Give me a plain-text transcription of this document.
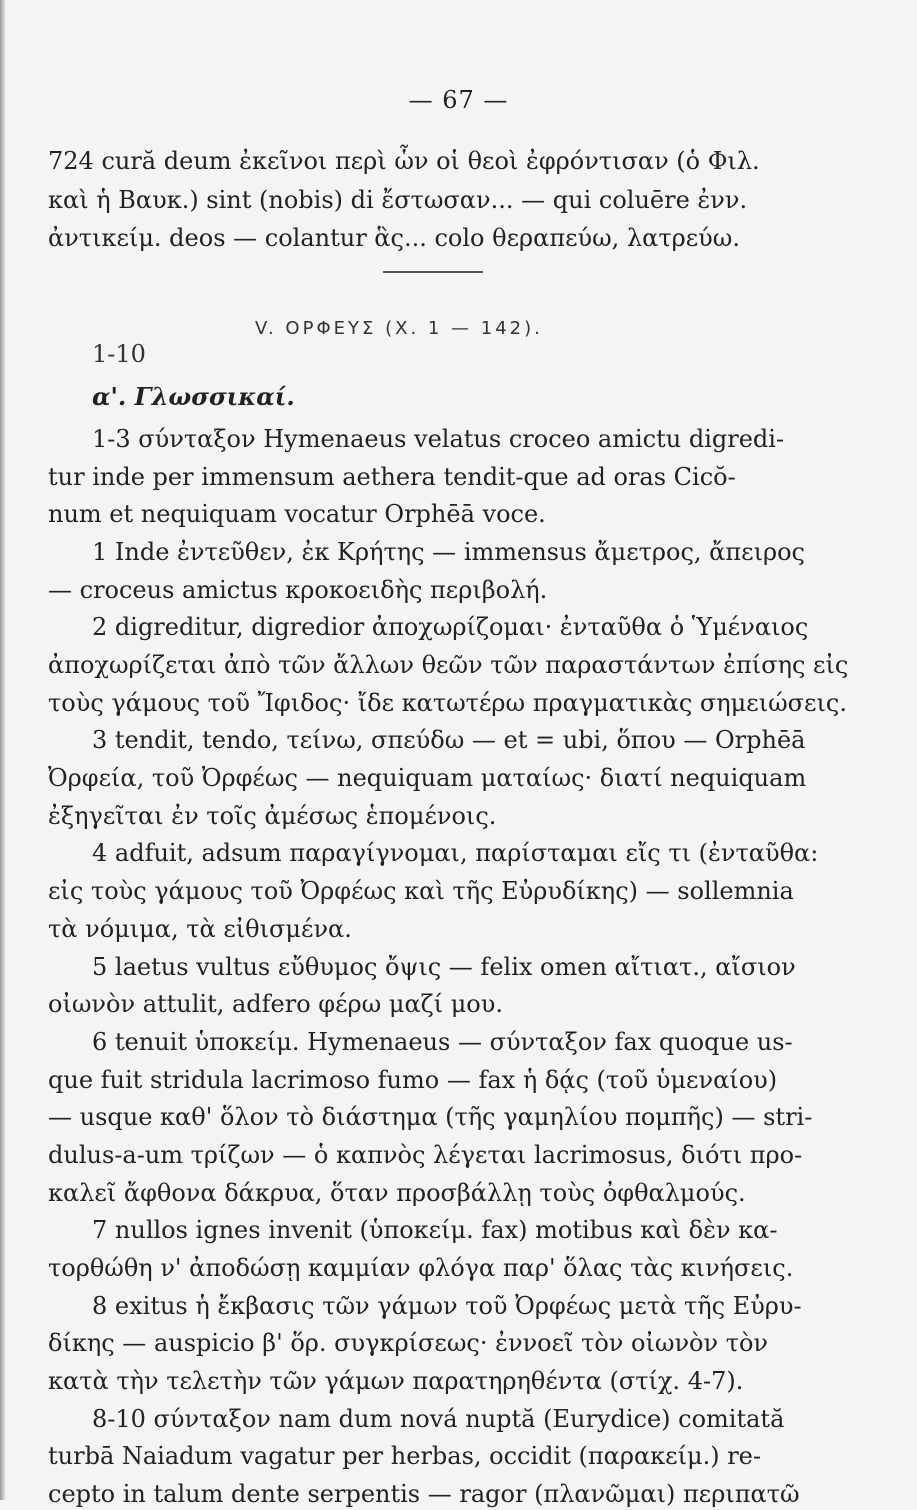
— 67 —
724 cură deum ἐκεῖνοι περὶ ὧν οἱ θεοὶ ἐφρόντισαν (ὁ Φιλ.
καὶ ἡ Βαυκ.) sint (nobis) di ἔστωσαν... — qui coluēre ἐνν.
ἀντικείμ. deos — colantur ἃς... colo θεραπεύω, λατρεύω.
V. ΟΡΦΕΥΣ (X. 1 — 142).
1-10
α'. Γλωσσικαί.
1-3 σύνταξον Hymenaeus velatus croceo amictu digredi-
tur inde per immensum aethera tendit-que ad oras Cicŏ-
num et nequiquam vocatur Orphēā voce.
1 Inde ἐντεῦθεν, ἐκ Κρήτης — immensus ἄμετρος, ἄπειρος
— croceus amictus κροκοειδὴς περιβολή.
2 digreditur, digredior ἀποχωρίζομαι· ἐνταῦθα ὁ Ὑμέναιος
ἀποχωρίζεται ἀπὸ τῶν ἄλλων θεῶν τῶν παραστάντων ἐπίσης εἰς
τοὺς γάμους τοῦ Ἴφιδος· ἴδε κατωτέρω πραγματικὰς σημειώσεις.
3 tendit, tendo, τείνω, σπεύδω — et = ubi, ὅπου — Orphēā
Ὀρφεία, τοῦ Ὀρφέως — nequiquam ματαίως· διατί nequiquam
ἐξηγεῖται ἐν τοῖς ἀμέσως ἑπομένοις.
4 adfuit, adsum παραγίγνομαι, παρίσταμαι εἴς τι (ἐνταῦθα:
εἰς τοὺς γάμους τοῦ Ὀρφέως καὶ τῆς Εὐρυδίκης) — sollemnia
τὰ νόμιμα, τὰ εἰθισμένα.
5 laetus vultus εὔθυμος ὄψις — felix omen αἴτιατ., αἴσιον
οἰωνὸν attulit, adfero φέρω μαζί μου.
6 tenuit ὑποκείμ. Hymenaeus — σύνταξον fax quoque us-
que fuit stridula lacrimoso fumo — fax ἡ δᾴς (τοῦ ὑμεναίου)
— usque καθ' ὅλον τὸ διάστημα (τῆς γαμηλίου πομπῆς) — stri-
dulus-a-um τρίζων — ὁ καπνὸς λέγεται lacrimosus, διότι προ-
καλεῖ ἄφθονα δάκρυα, ὅταν προσβάλλῃ τοὺς ὀφθαλμούς.
7 nullos ignes invenit (ὑποκείμ. fax) motibus καὶ δὲν κα-
τορθώθη ν' ἀποδώσῃ καμμίαν φλόγα παρ' ὅλας τὰς κινήσεις.
8 exitus ἡ ἔκβασις τῶν γάμων τοῦ Ὀρφέως μετὰ τῆς Εὐρυ-
δίκης — auspicio β' ὅρ. συγκρίσεως· ἐννοεῖ τὸν οἰωνὸν τὸν
κατὰ τὴν τελετὴν τῶν γάμων παρατηρηθέντα (στίχ. 4-7).
8-10 σύνταξον nam dum nová nuptă (Eurydice) comitată
turbā Naiadum vagatur per herbas, occidit (παρακείμ.) re-
cepto in talum dente serpentis — ragor (πλανῶμαι) περιπατῶ
